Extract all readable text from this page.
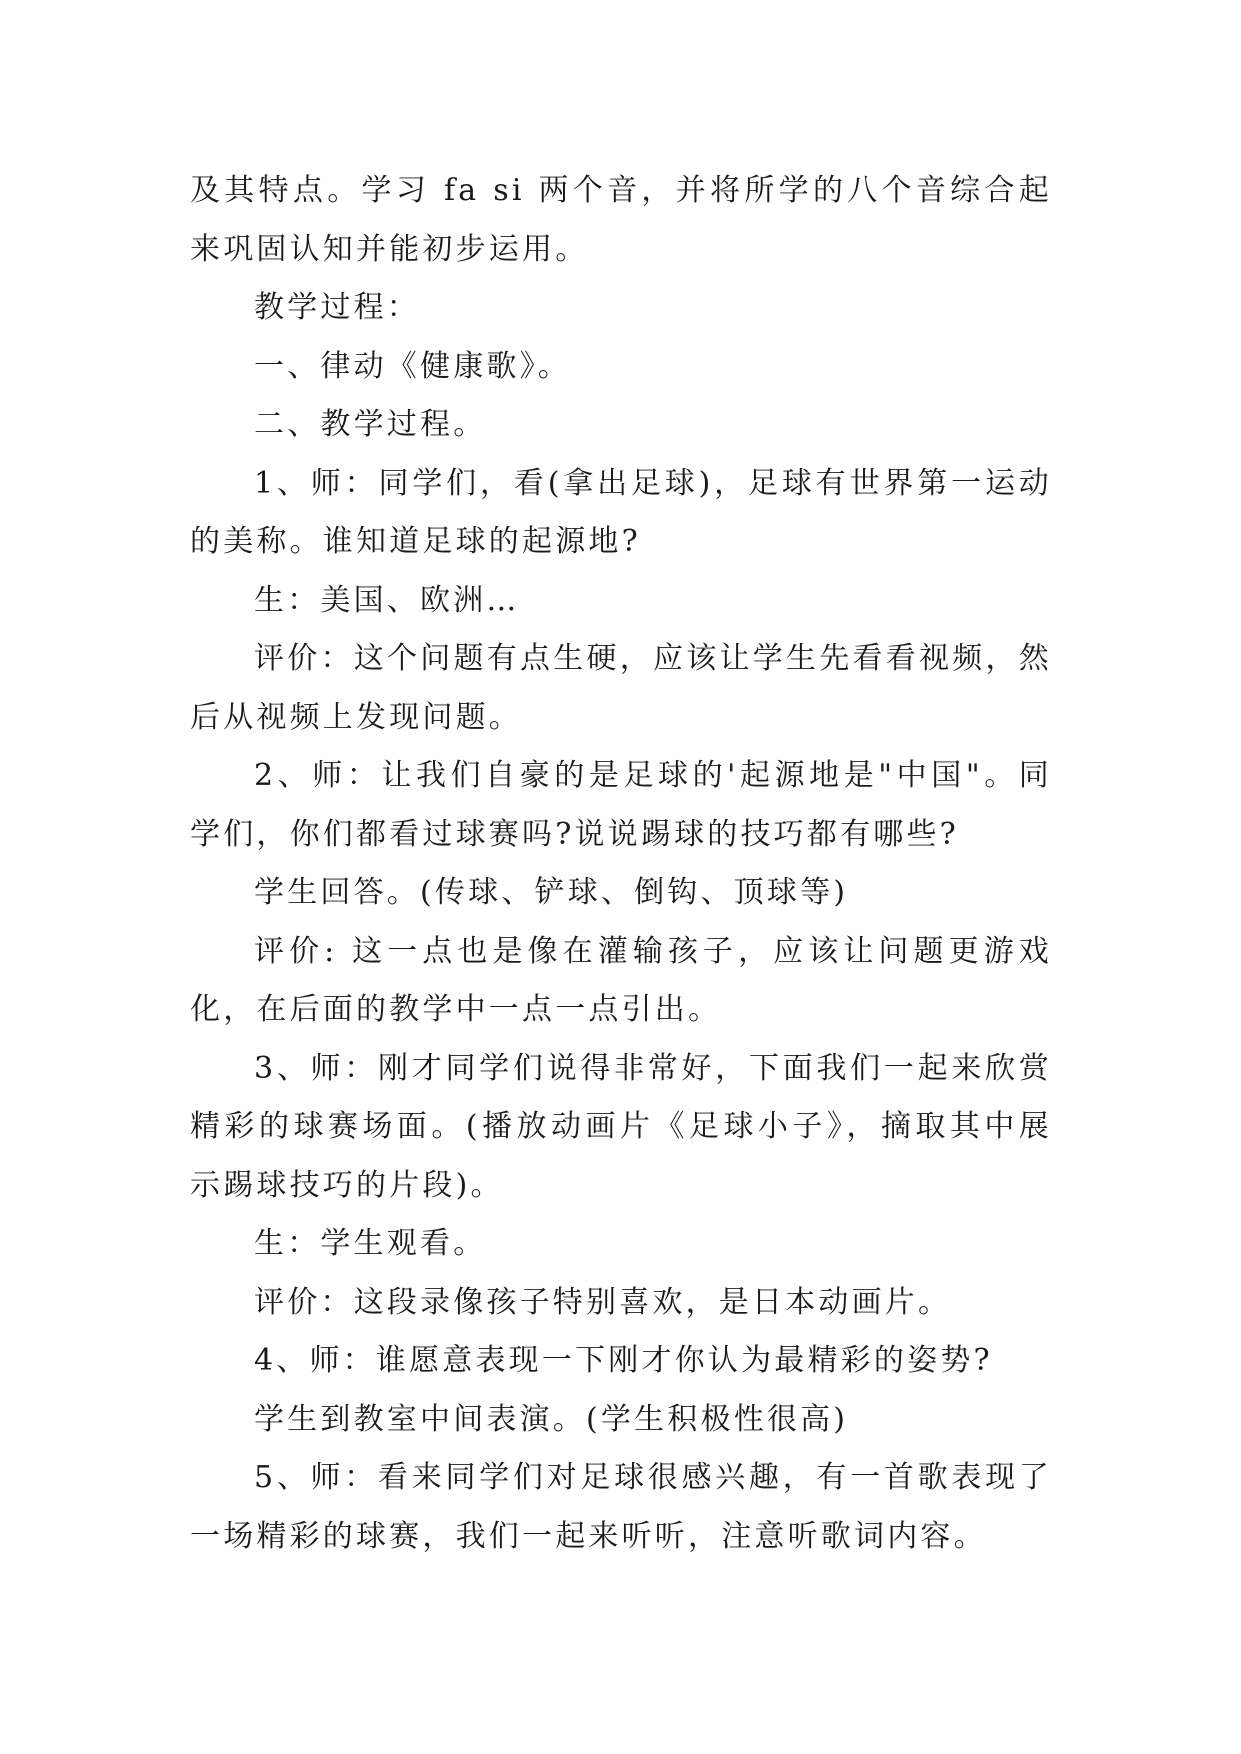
及其特点。学习 fa si 两个音，并将所学的八个音综合起来巩固认知并能初步运用。

教学过程：

一、律动《健康歌》。

二、教学过程。

1、师：同学们，看(拿出足球)，足球有世界第一运动的美称。谁知道足球的起源地?

生：美国、欧洲…

评价：这个问题有点生硬，应该让学生先看看视频，然后从视频上发现问题。

2、师：让我们自豪的是足球的'起源地是"中国"。同学们，你们都看过球赛吗?说说踢球的技巧都有哪些?

学生回答。(传球、铲球、倒钩、顶球等)

评价: 这一点也是像在灌输孩子，应该让问题更游戏化，在后面的教学中一点一点引出。

3、师：刚才同学们说得非常好，下面我们一起来欣赏精彩的球赛场面。(播放动画片《足球小子》，摘取其中展示踢球技巧的片段)。

生：学生观看。

评价：这段录像孩子特别喜欢，是日本动画片。

4、师：谁愿意表现一下刚才你认为最精彩的姿势?

学生到教室中间表演。(学生积极性很高)

5、师：看来同学们对足球很感兴趣，有一首歌表现了一场精彩的球赛，我们一起来听听，注意听歌词内容。
